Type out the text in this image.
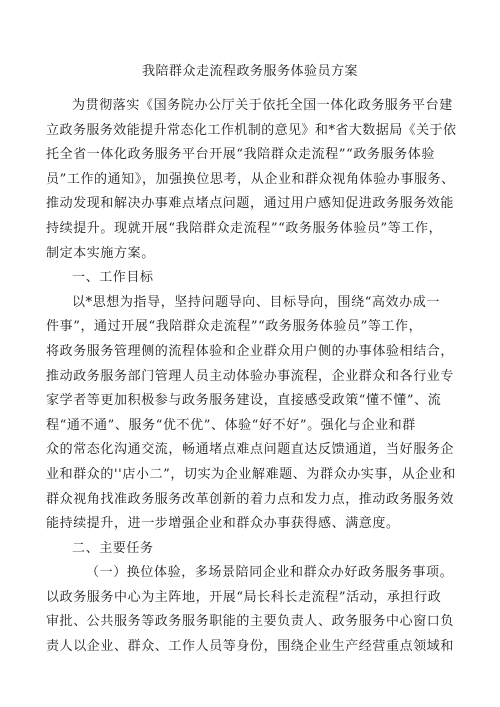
我陪群众走流程政务服务体验员方案
为贯彻落实《国务院办公厅关于依托全国一体化政务服务平台建
立政务服务效能提升常态化工作机制的意见》和*省大数据局《关于依
托全省一体化政务服务平台开展“我陪群众走流程”“政务服务体验
员”工作的通知》，加强换位思考，从企业和群众视角体验办事服务、
推动发现和解决办事难点堵点问题，通过用户感知促进政务服务效能
持续提升。现就开展“我陪群众走流程”“政务服务体验员”等工作，
制定本实施方案。
一、工作目标
以*思想为指导，坚持问题导向、目标导向，围绕“高效办成一
件事”，通过开展“我陪群众走流程”“政务服务体验员”等工作，
将政务服务管理侧的流程体验和企业群众用户侧的办事体验相结合，
推动政务服务部门管理人员主动体验办事流程，企业群众和各行业专
家学者等更加积极参与政务服务建设，直接感受政策“懂不懂”、流
程“通不通”、服务“优不优”、体验“好不好”。强化与企业和群
众的常态化沟通交流，畅通堵点难点问题直达反馈通道，当好服务企
业和群众的''店小二”，切实为企业解难题、为群众办实事，从企业和
群众视角找准政务服务改革创新的着力点和发力点，推动政务服务效
能持续提升，进一步增强企业和群众办事获得感、满意度。
二、主要任务
（一）换位体验，多场景陪同企业和群众办好政务服务事项。
以政务服务中心为主阵地，开展“局长科长走流程”活动，承担行政
审批、公共服务等政务服务职能的主要负责人、政务服务中心窗口负
责人以企业、群众、工作人员等身份，围绕企业生产经营重点领域和
